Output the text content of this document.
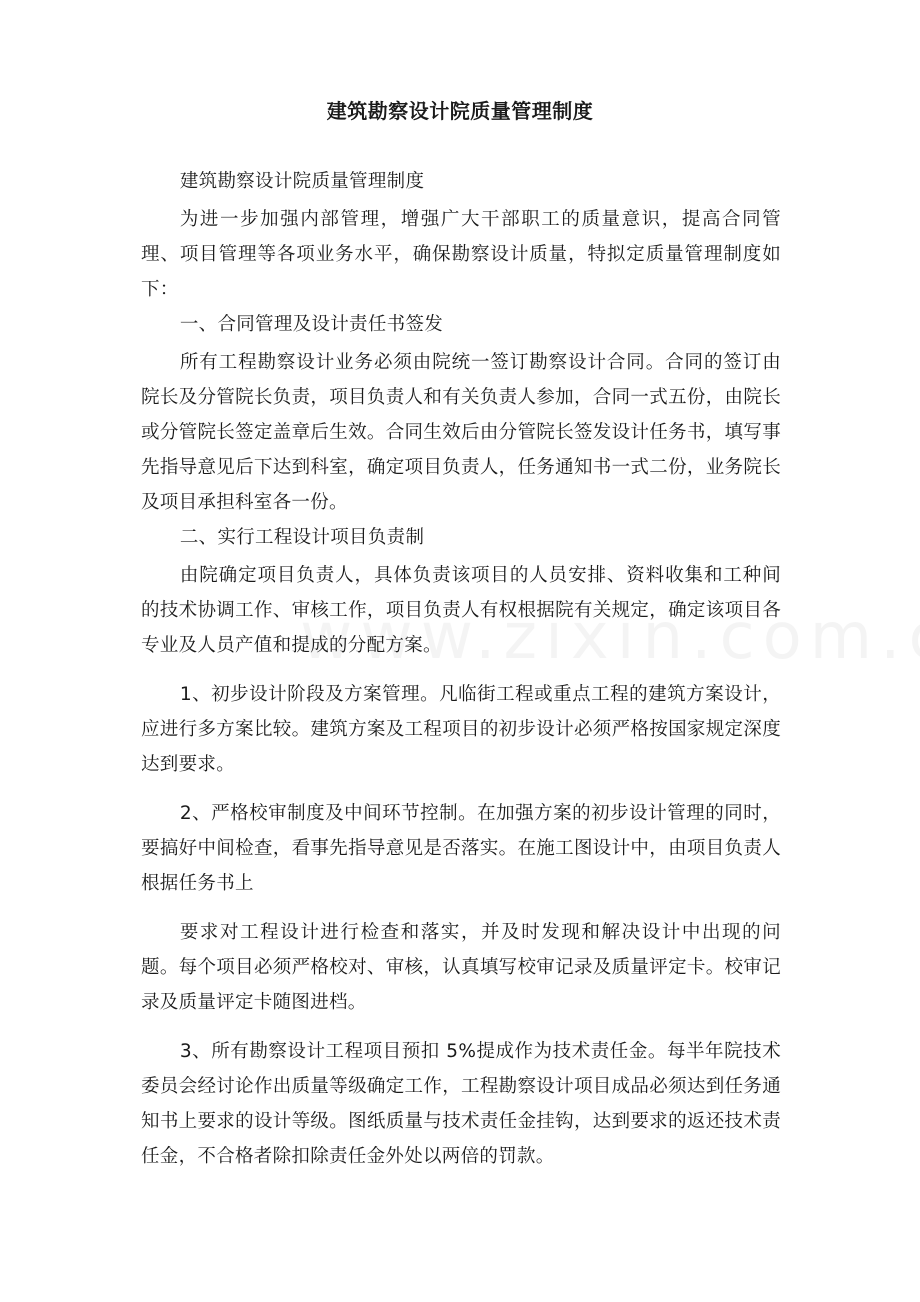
建筑勘察设计院质量管理制度

建筑勘察设计院质量管理制度

为进一步加强内部管理，增强广大干部职工的质量意识，提高合同管理、项目管理等各项业务水平，确保勘察设计质量，特拟定质量管理制度如下：

一、合同管理及设计责任书签发

所有工程勘察设计业务必须由院统一签订勘察设计合同。合同的签订由院长及分管院长负责，项目负责人和有关负责人参加，合同一式五份，由院长或分管院长签定盖章后生效。合同生效后由分管院长签发设计任务书，填写事先指导意见后下达到科室，确定项目负责人，任务通知书一式二份，业务院长及项目承担科室各一份。

二、实行工程设计项目负责制

由院确定项目负责人，具体负责该项目的人员安排、资料收集和工种间的技术协调工作、审核工作，项目负责人有权根据院有关规定，确定该项目各专业及人员产值和提成的分配方案。

1、初步设计阶段及方案管理。凡临街工程或重点工程的建筑方案设计，应进行多方案比较。建筑方案及工程项目的初步设计必须严格按国家规定深度达到要求。

2、严格校审制度及中间环节控制。在加强方案的初步设计管理的同时，要搞好中间检查，看事先指导意见是否落实。在施工图设计中，由项目负责人根据任务书上

要求对工程设计进行检查和落实，并及时发现和解决设计中出现的问题。每个项目必须严格校对、审核，认真填写校审记录及质量评定卡。校审记录及质量评定卡随图进档。

3、所有勘察设计工程项目预扣 5%提成作为技术责任金。每半年院技术委员会经讨论作出质量等级确定工作，工程勘察设计项目成品必须达到任务通知书上要求的设计等级。图纸质量与技术责任金挂钩，达到要求的返还技术责任金，不合格者除扣除责任金外处以两倍的罚款。
